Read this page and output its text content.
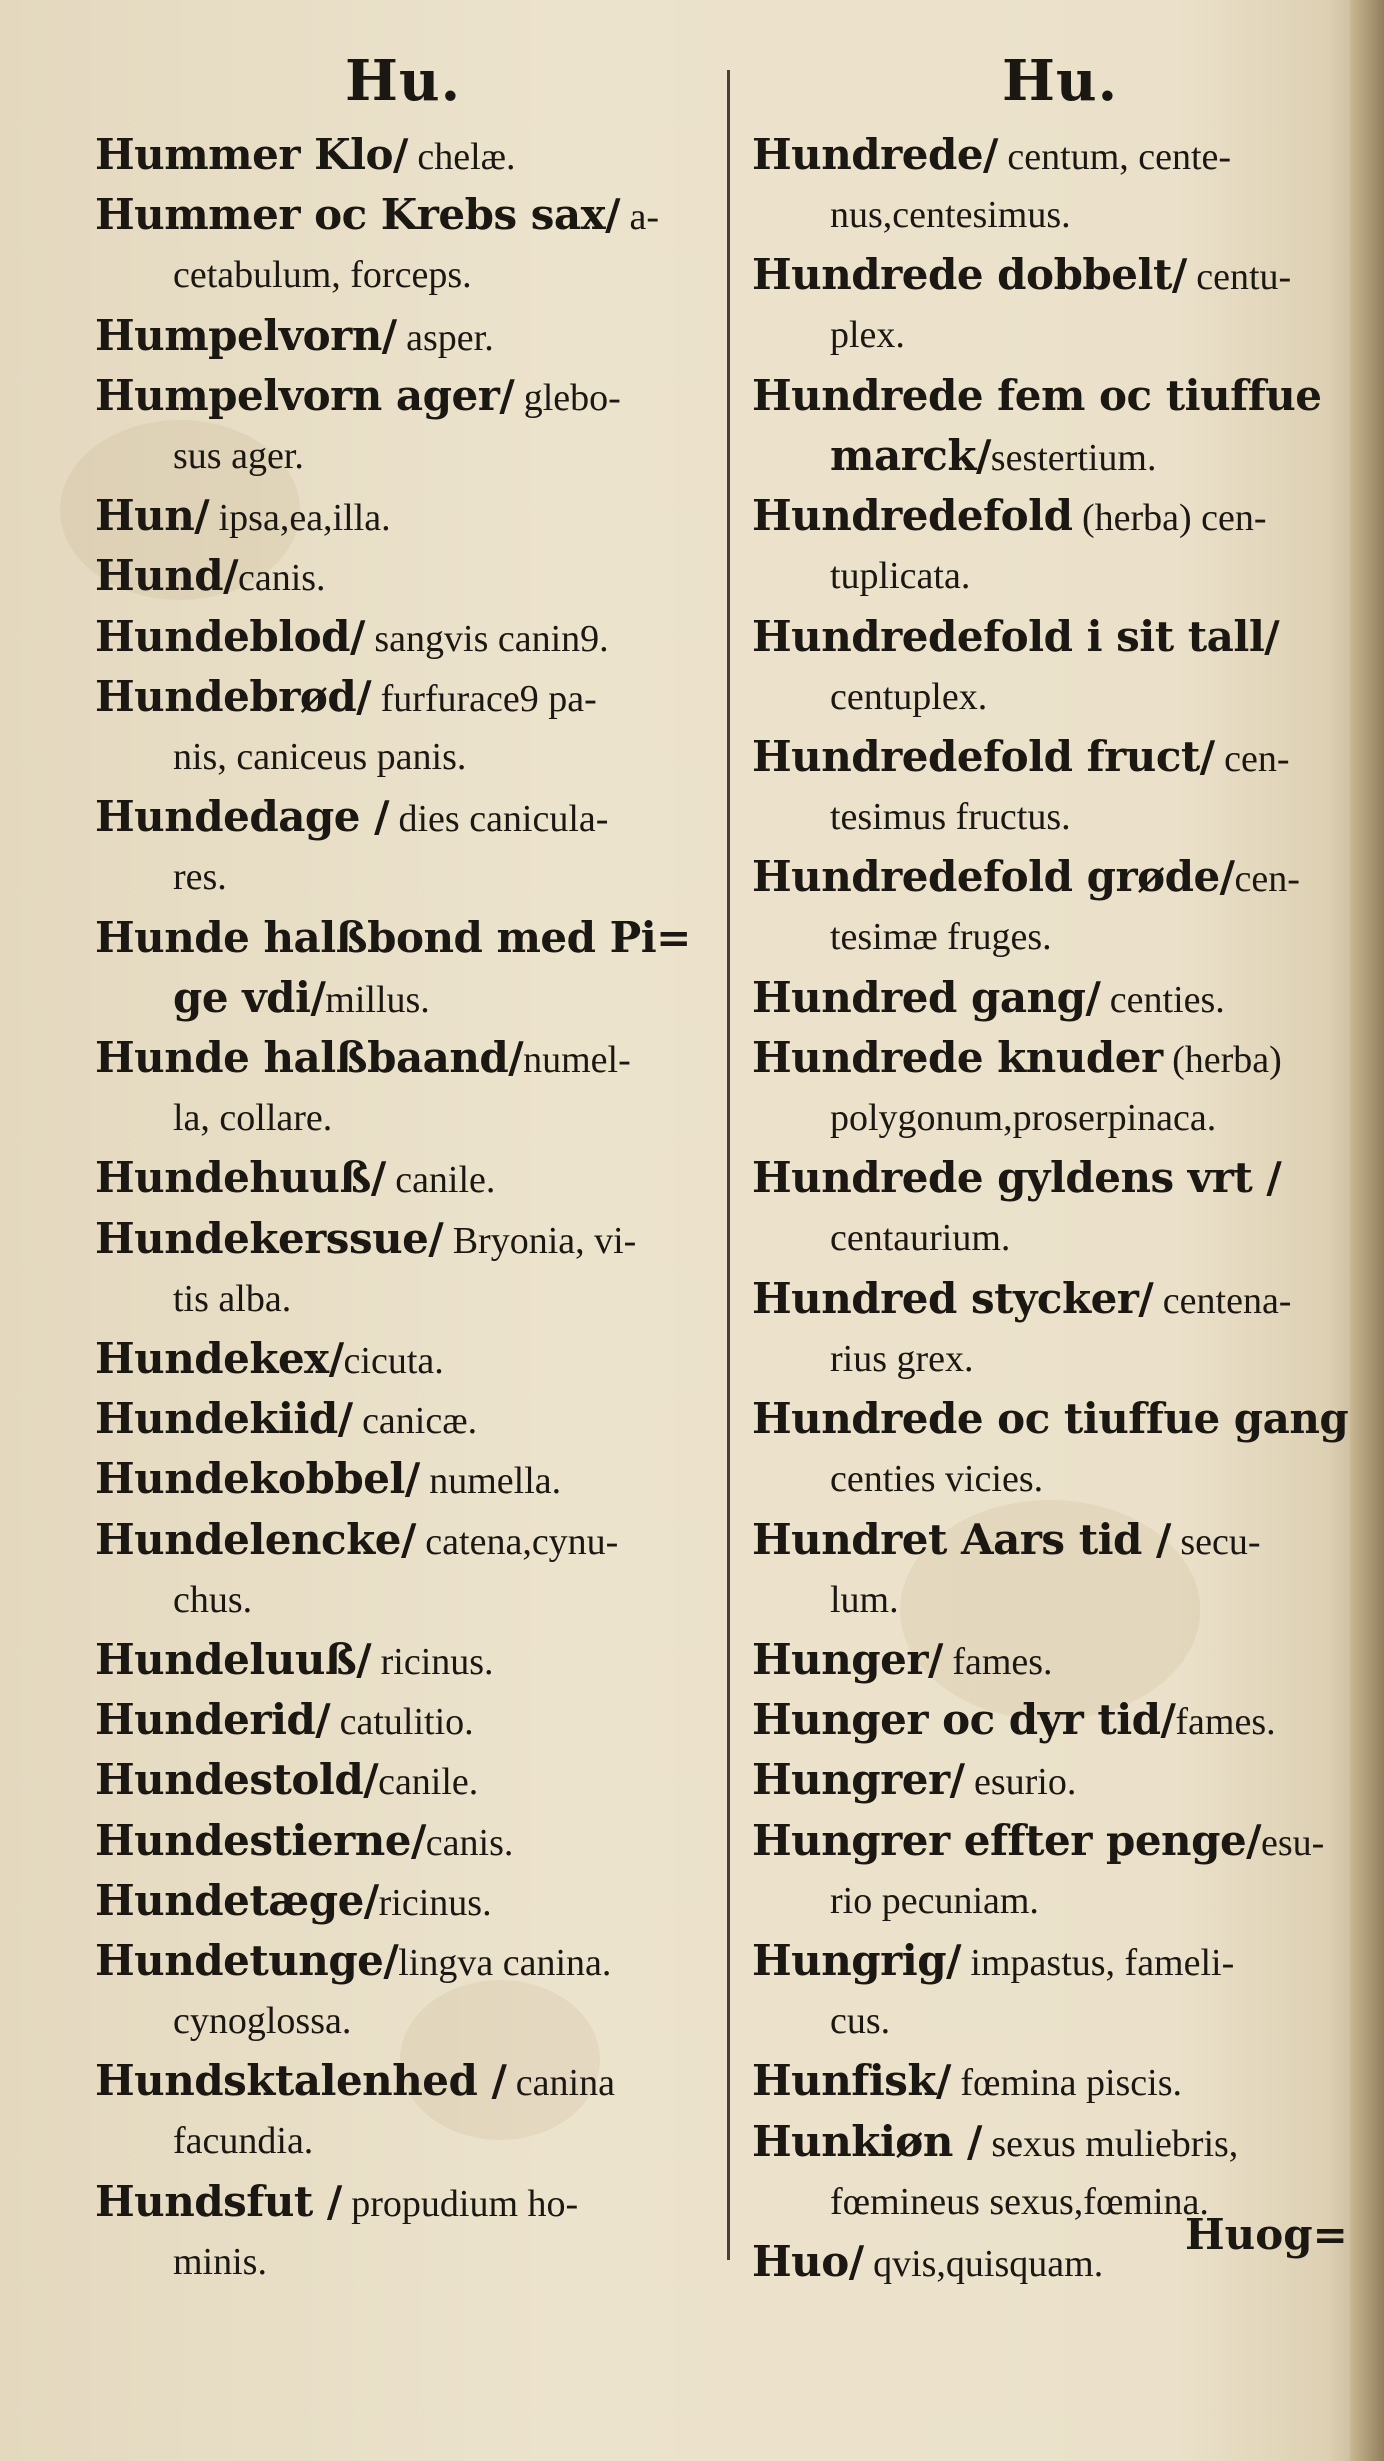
Hu.	Hu.
Hummer Klo/ chelæ.
Hummer oc Krebs sax/ a-
cetabulum, forceps.
Humpelvorn/ asper.
Humpelvorn ager/ glebo-
sus ager.
Hun/ ipsa,ea,illa.
Hund/canis.
Hundeblod/ sangvis canin9.
Hundebrød/ furfurace9 pa-
nis, caniceus panis.
Hundedage / dies canicula-
res.
Hunde halßbond med Pi=
ge vdi/millus.
Hunde halßbaand/numel-
la, collare.
Hundehuuß/ canile.
Hundekerssue/ Bryonia, vi-
tis alba.
Hundekex/cicuta.
Hundekiid/ canicæ.
Hundekobbel/ numella.
Hundelencke/ catena,cynu-
chus.
Hundeluuß/ ricinus.
Hunderid/ catulitio.
Hundestold/canile.
Hundestierne/canis.
Hundetæge/ricinus.
Hundetunge/lingva canina.
cynoglossa.
Hundsktalenhed / canina
facundia.
Hundsfut / propudium ho-
minis.
Hundrede/ centum, cente-
nus,centesimus.
Hundrede dobbelt/ centu-
plex.
Hundrede fem oc tiuffue
marck/sestertium.
Hundredefold (herba) cen-
tuplicata.
Hundredefold i sit tall/
centuplex.
Hundredefold fruct/ cen-
tesimus fructus.
Hundredefold grøde/cen-
tesimæ fruges.
Hundred gang/ centies.
Hundrede knuder (herba)
polygonum,proserpinaca.
Hundrede gyldens vrt /
centaurium.
Hundred stycker/ centena-
rius grex.
Hundrede oc tiuffue gang
centies vicies.
Hundret Aars tid / secu-
lum.
Hunger/ fames.
Hunger oc dyr tid/fames.
Hungrer/ esurio.
Hungrer effter penge/esu-
rio pecuniam.
Hungrig/ impastus, fameli-
cus.
Hunfisk/ fœmina piscis.
Hunkiøn / sexus muliebris,
fœmineus sexus,fœmina.
Huo/ qvis,quisquam.
Huog=
